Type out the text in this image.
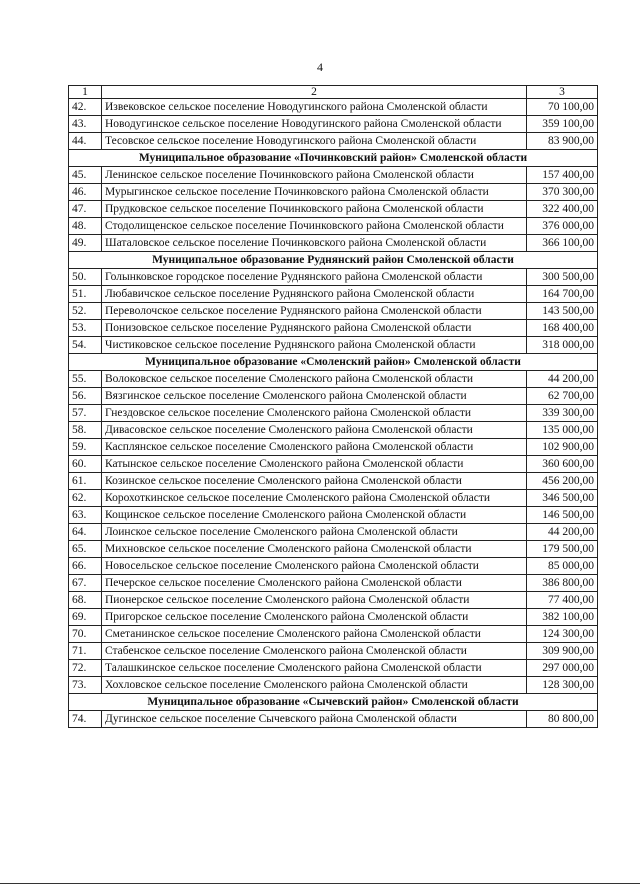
4
1	2	3
42.	Извековское сельское поселение Новодугинского района Смоленской области	70 100,00
43.	Новодугинское сельское поселение Новодугинского района Смоленской области	359 100,00
44.	Тесовское сельское поселение Новодугинского района Смоленской области	83 900,00
Муниципальное образование «Починковский район» Смоленской области		
45.	Ленинское сельское поселение Починковского района Смоленской области	157 400,00
46.	Мурыгинское сельское поселение Починковского района Смоленской области	370 300,00
47.	Прудковское сельское поселение Починковского района Смоленской области	322 400,00
48.	Стодолищенское сельское поселение Починковского района Смоленской области	376 000,00
49.	Шаталовское сельское поселение Починковского района Смоленской области	366 100,00
Муниципальное образование Руднянский район Смоленской области		
50.	Голынковское городское поселение Руднянского района Смоленской области	300 500,00
51.	Любавичское сельское поселение Руднянского района Смоленской области	164 700,00
52.	Переволочское сельское поселение Руднянского района Смоленской области	143 500,00
53.	Понизовское сельское поселение Руднянского района Смоленской области	168 400,00
54.	Чистиковское сельское поселение Руднянского района Смоленской области	318 000,00
Муниципальное образование «Смоленский район» Смоленской области		
55.	Волоковское сельское поселение Смоленского района Смоленской области	44 200,00
56.	Вязгинское сельское поселение Смоленского района Смоленской области	62 700,00
57.	Гнездовское сельское поселение Смоленского района Смоленской области	339 300,00
58.	Дивасовское сельское поселение Смоленского района Смоленской области	135 000,00
59.	Касплянское сельское поселение Смоленского района Смоленской области	102 900,00
60.	Катынское сельское поселение Смоленского района Смоленской области	360 600,00
61.	Козинское сельское поселение Смоленского района Смоленской области	456 200,00
62.	Корохоткинское сельское поселение Смоленского района Смоленской области	346 500,00
63.	Кощинское сельское поселение Смоленского района Смоленской области	146 500,00
64.	Лоинское сельское поселение Смоленского района Смоленской области	44 200,00
65.	Михновское сельское поселение Смоленского района Смоленской области	179 500,00
66.	Новосельское сельское поселение Смоленского района Смоленской области	85 000,00
67.	Печерское сельское поселение Смоленского района Смоленской области	386 800,00
68.	Пионерское сельское поселение Смоленского района Смоленской области	77 400,00
69.	Пригорское сельское поселение Смоленского района Смоленской области	382 100,00
70.	Сметанинское сельское поселение Смоленского района Смоленской области	124 300,00
71.	Стабенское сельское поселение Смоленского района Смоленской области	309 900,00
72.	Талашкинское сельское поселение Смоленского района Смоленской области	297 000,00
73.	Хохловское сельское поселение Смоленского района Смоленской области	128 300,00
Муниципальное образование «Сычевский район» Смоленской области		
74.	Дугинское сельское поселение Сычевского района Смоленской области	80 800,00
